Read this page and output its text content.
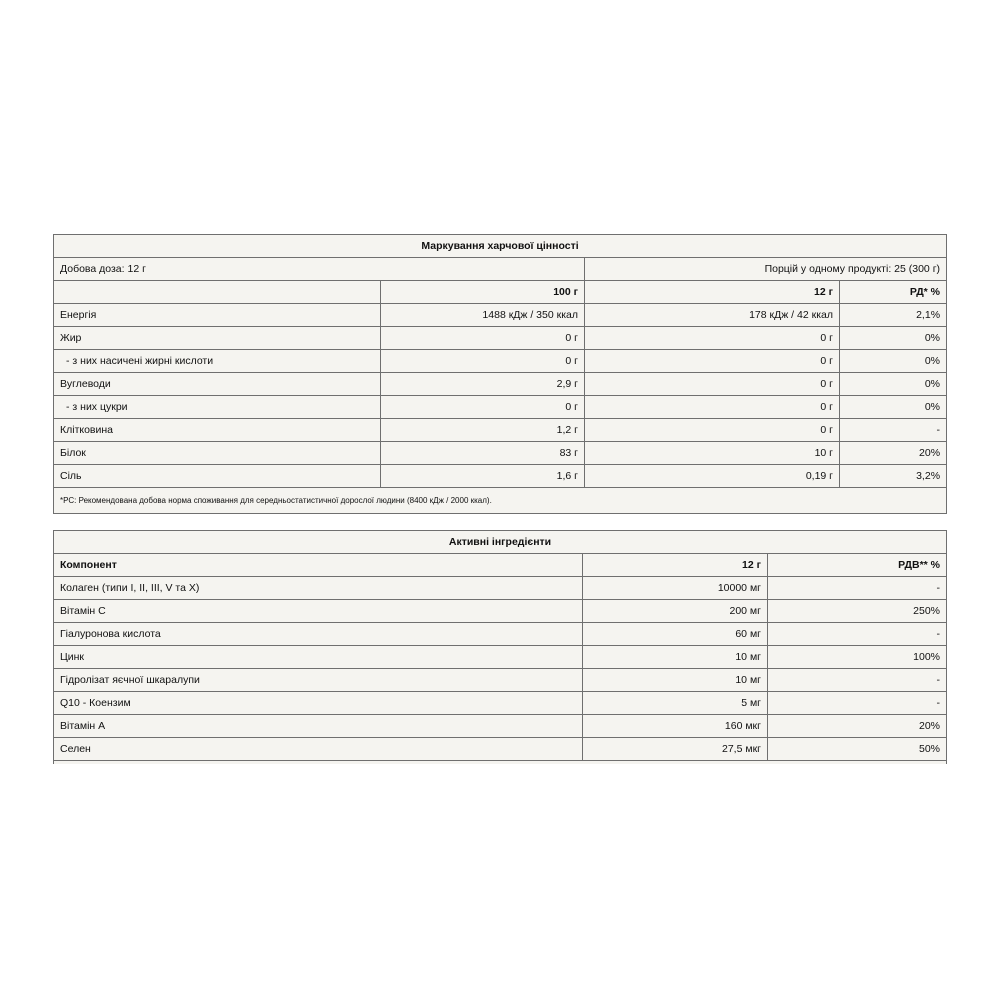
Маркування харчової цінності			
Добова доза: 12 г		Порцій у одному продукті: 25 (300 г)	
	100 г	12 г	РД* %
Енергія	1488 кДж / 350 ккал	178 кДж / 42 ккал	2,1%
Жир	0 г	0 г	0%
- з них насичені жирні кислоти	0 г	0 г	0%
Вуглеводи	2,9 г	0 г	0%
- з них цукри	0 г	0 г	0%
Клітковина	1,2 г	0 г	-
Білок	83 г	10 г	20%
Сіль	1,6 г	0,19 г	3,2%
*РС: Рекомендована добова норма споживання для середньостатистичної дорослої людини (8400 кДж / 2000 ккал).			
Активні інгредієнти		
Компонент	12 г	РДВ** %
Колаген (типи I, II, III, V та X)	10000 мг	-
Вітамін С	200 мг	250%
Гіалуронова кислота	60 мг	-
Цинк	10 мг	100%
Гідролізат яєчної шкаралупи	10 мг	-
Q10 - Коензим	5 мг	-
Вітамін А	160 мкг	20%
Селен	27,5 мкг	50%
